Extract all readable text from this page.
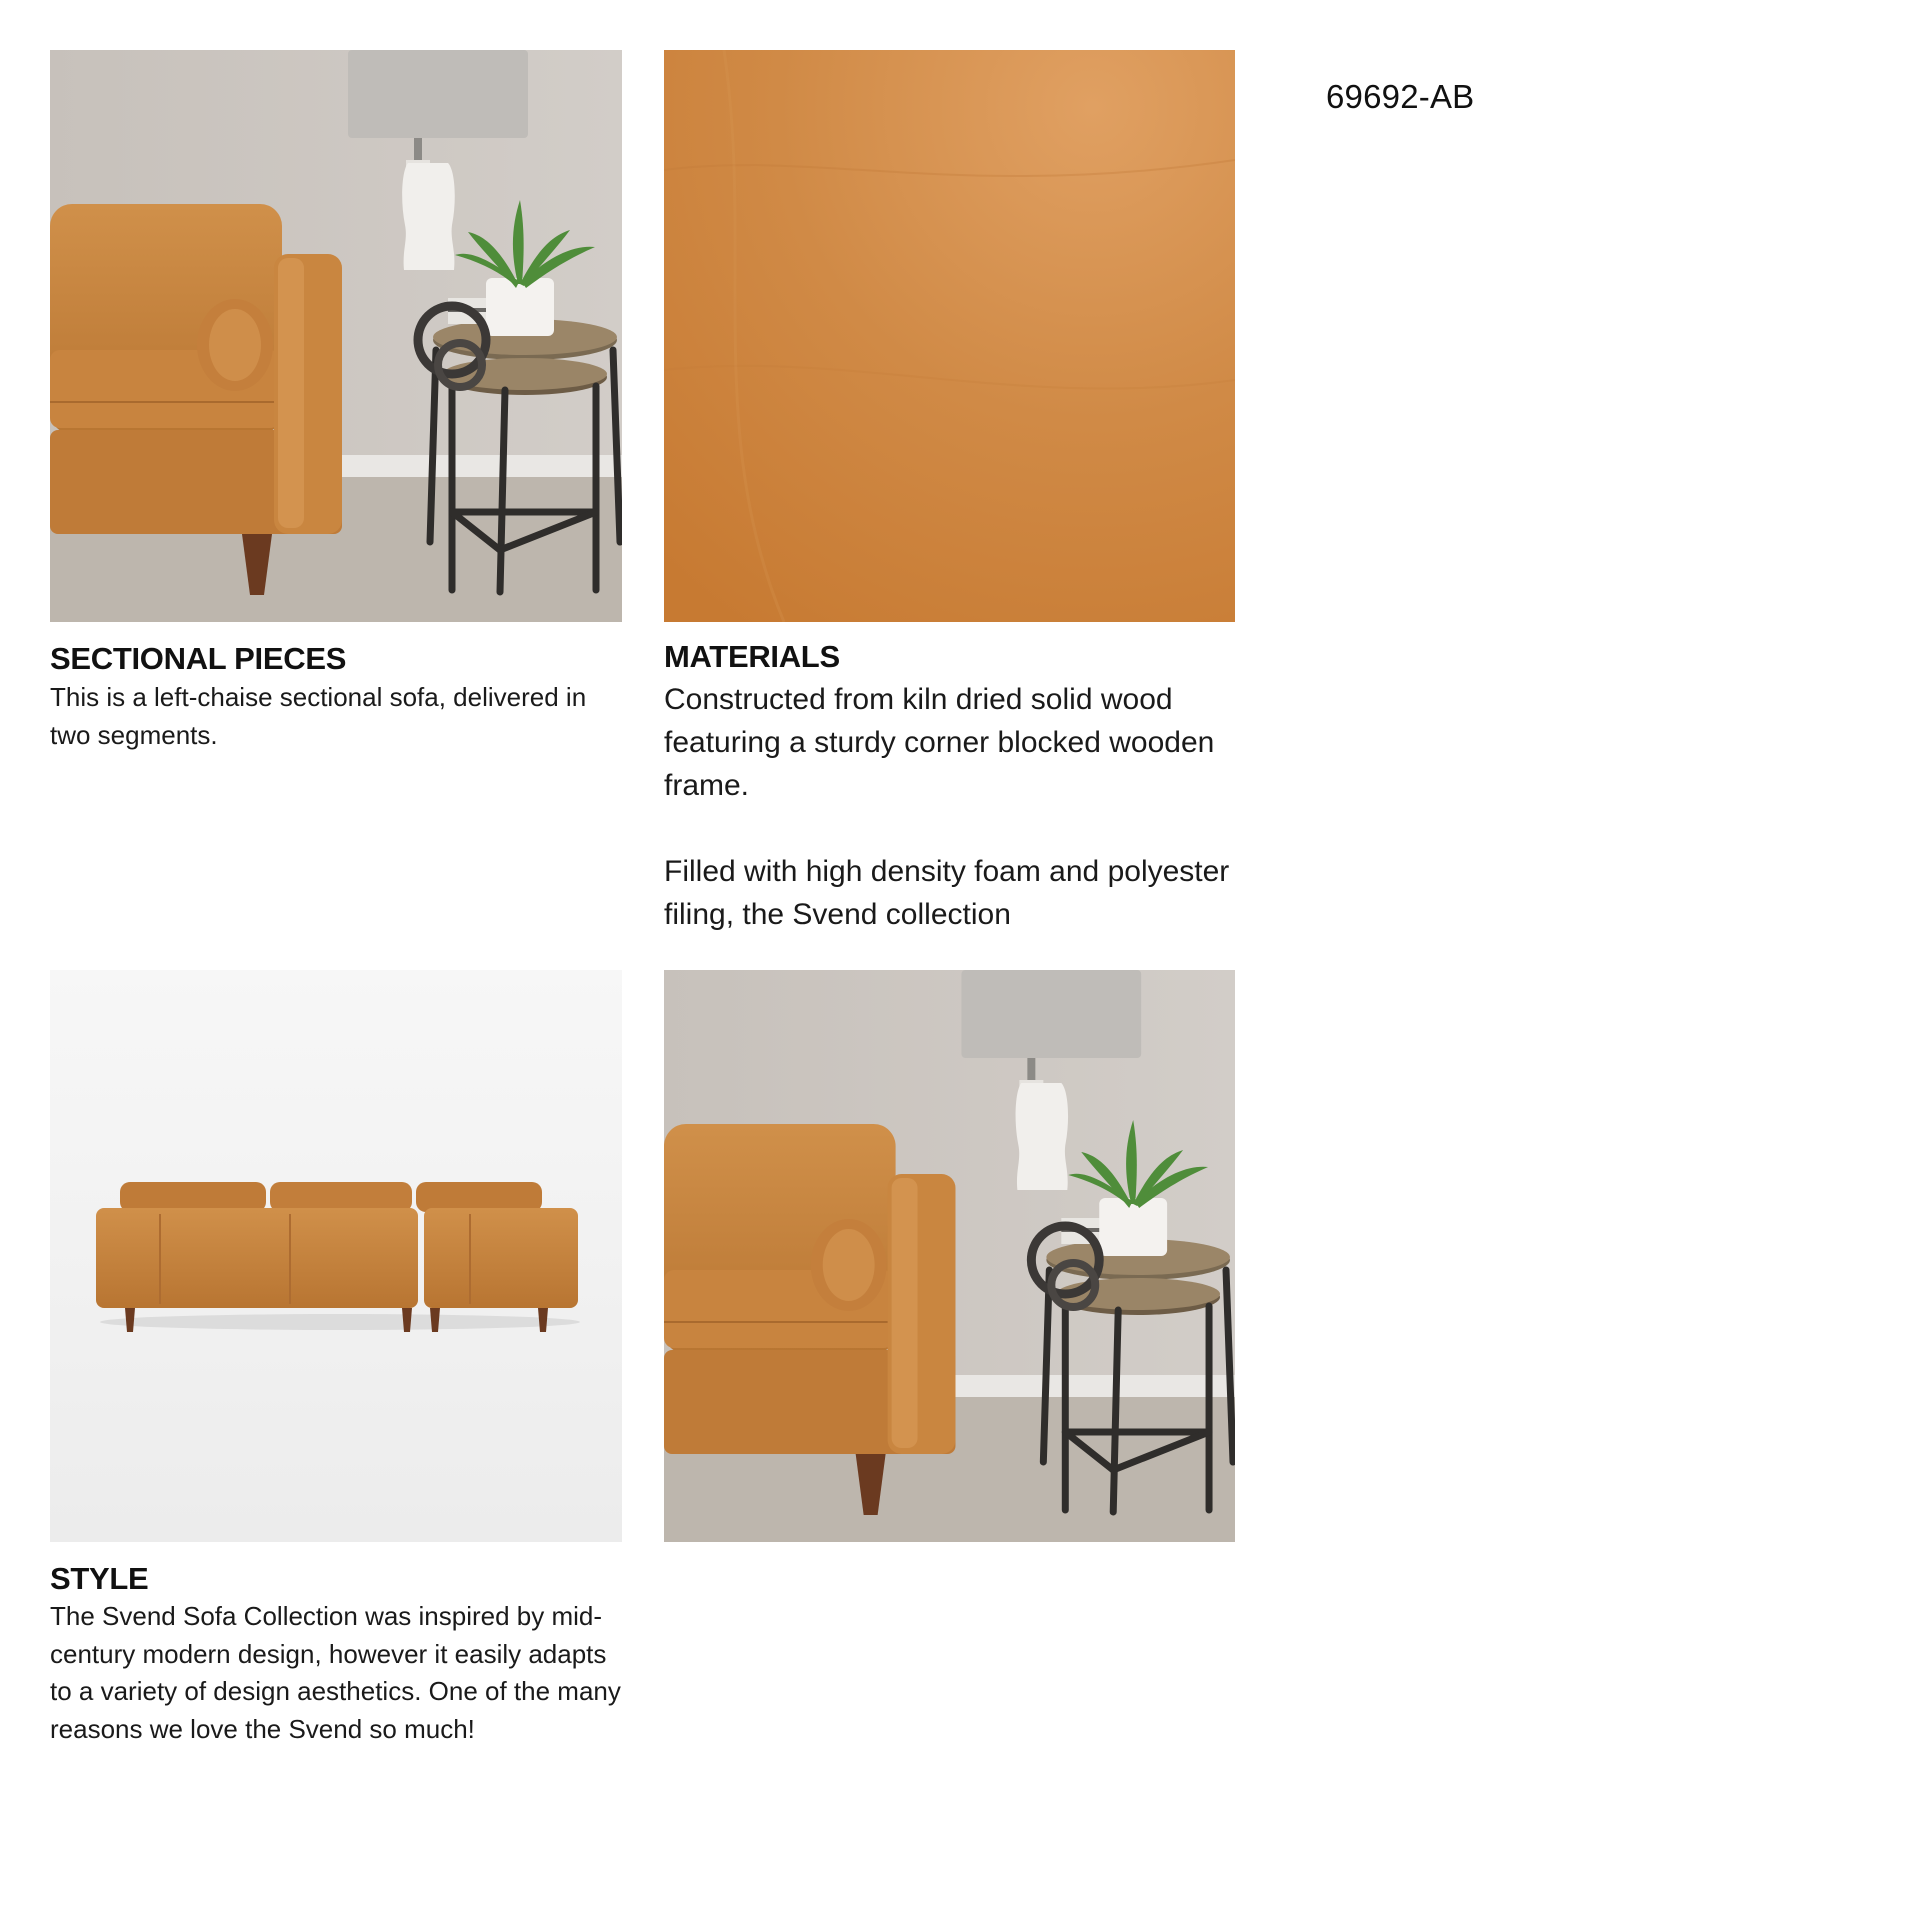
69692-AB
SECTIONAL PIECES

This is a left-chaise sectional sofa, delivered in two segments.

MATERIALS

Constructed from kiln dried solid wood featuring a sturdy corner blocked wooden frame.

Filled with high density foam and polyester filing, the Svend collection

STYLE

The Svend Sofa Collection was inspired by mid-century modern design, however it easily adapts to a variety of design aesthetics. One of the many reasons we love the Svend so much!
